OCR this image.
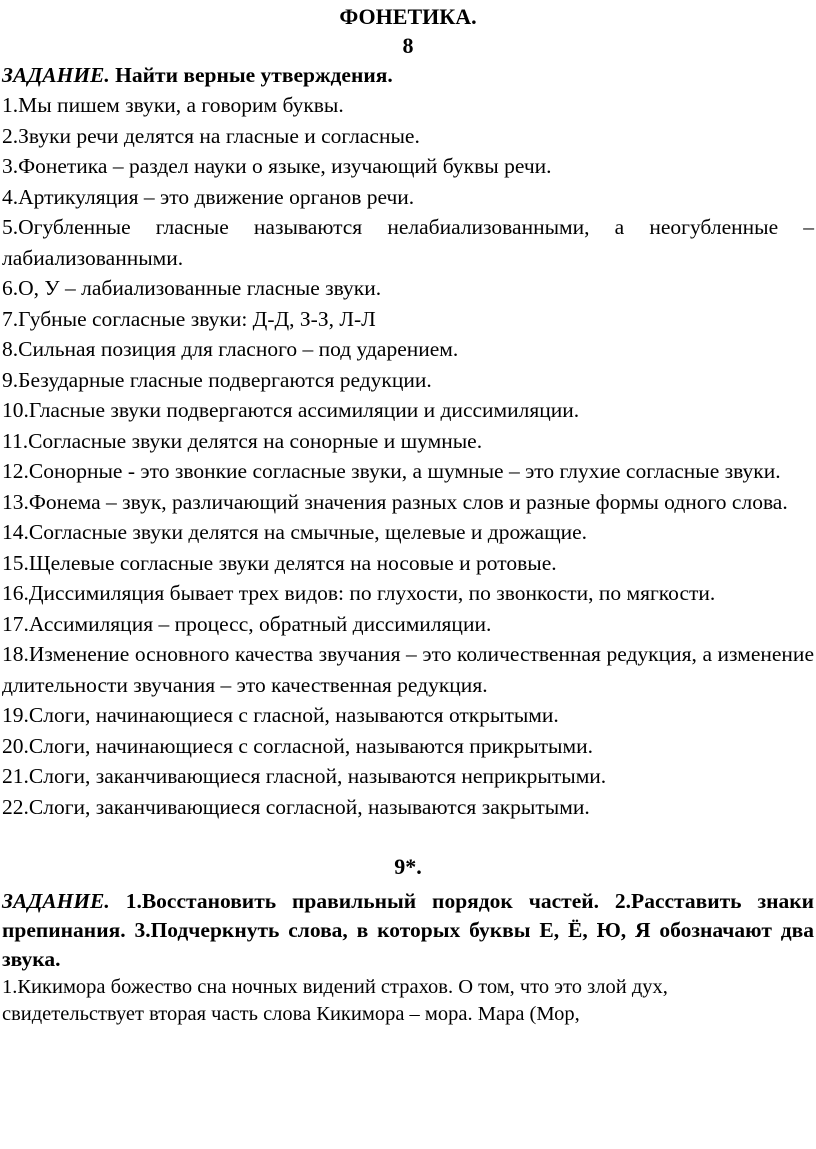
ФОНЕТИКА.

8

ЗАДАНИЕ. Найти верные утверждения.

1.Мы пишем звуки, а говорим буквы.

2.Звуки речи делятся на гласные и согласные.

3.Фонетика – раздел науки о языке, изучающий буквы речи.

4.Артикуляция – это движение органов речи.

5.Огубленные гласные называются нелабиализованными, а неогубленные – лабиализованными.

6.О, У – лабиализованные гласные звуки.

7.Губные согласные звуки: Д-Д, З-З, Л-Л

8.Сильная позиция для гласного – под ударением.

9.Безударные гласные подвергаются редукции.

10.Гласные звуки подвергаются ассимиляции и диссимиляции.

11.Согласные звуки делятся на сонорные и шумные.

12.Сонорные - это звонкие согласные звуки, а шумные – это глухие согласные звуки.

13.Фонема – звук, различающий значения разных слов и разные формы одного слова.

14.Согласные звуки делятся на смычные, щелевые и дрожащие.

15.Щелевые согласные звуки делятся на носовые и ротовые.

16.Диссимиляция бывает трех видов: по глухости, по звонкости, по мягкости.

17.Ассимиляция – процесс, обратный диссимиляции.

18.Изменение основного качества звучания – это количественная редукция, а изменение длительности звучания – это качественная редукция.

19.Слоги, начинающиеся с гласной, называются открытыми.

20.Слоги, начинающиеся с согласной, называются прикрытыми.

21.Слоги, заканчивающиеся гласной, называются неприкрытыми.

22.Слоги, заканчивающиеся согласной, называются закрытыми.

9*.

ЗАДАНИЕ. 1.Восстановить правильный порядок частей. 2.Расставить знаки препинания. 3.Подчеркнуть слова, в которых буквы Е, Ё, Ю, Я обозначают два звука.

1.Кикимора божество сна ночных видений страхов. О том, что это злой дух,

свидетельствует вторая часть слова Кикимора – мора. Мара (Мор,
